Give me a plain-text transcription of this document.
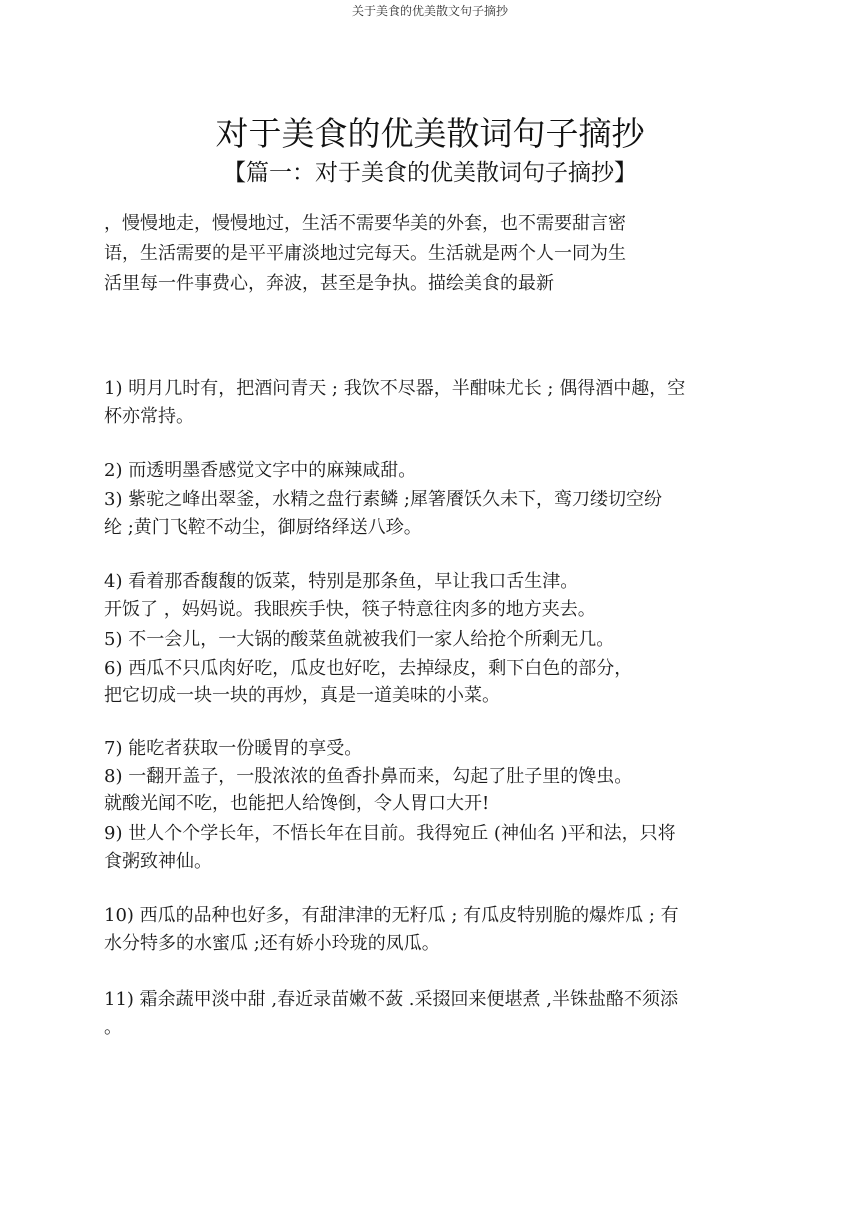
关于美食的优美散文句子摘抄
对于美食的优美散词句子摘抄
【篇一：对于美食的优美散词句子摘抄】
，慢慢地走，慢慢地过，生活不需要华美的外套，也不需要甜言密
语，生活需要的是平平庸淡地过完每天。生活就是两个人一同为生
活里每一件事费心，奔波，甚至是争执。描绘美食的最新
1) 明月几时有，把酒问青天 ; 我饮不尽器，半酣味尤长 ; 偶得酒中趣，空
杯亦常持。
2) 而透明墨香感觉文字中的麻辣咸甜。
3) 紫驼之峰出翠釜，水精之盘行素鳞 ;犀箸餍饫久未下，鸾刀缕切空纷
纶 ;黄门飞鞚不动尘，御厨络绎送八珍。
4) 看着那香馥馥的饭菜，特别是那条鱼，早让我口舌生津。
开饭了 ，妈妈说。我眼疾手快，筷子特意往肉多的地方夹去。
5) 不一会儿，一大锅的酸菜鱼就被我们一家人给抢个所剩无几。
6) 西瓜不只瓜肉好吃，瓜皮也好吃，去掉绿皮，剩下白色的部分，
把它切成一块一块的再炒，真是一道美味的小菜。
7) 能吃者获取一份暖胃的享受。
8) 一翻开盖子，一股浓浓的鱼香扑鼻而来，勾起了肚子里的馋虫。
就酸光闻不吃，也能把人给馋倒，令人胃口大开!
9) 世人个个学长年，不悟长年在目前。我得宛丘 (神仙名 )平和法，只将
食粥致神仙。
10) 西瓜的品种也好多，有甜津津的无籽瓜 ; 有瓜皮特别脆的爆炸瓜 ; 有
水分特多的水蜜瓜 ;还有娇小玲珑的凤瓜。
11) 霜余蔬甲淡中甜 ,春近录苗嫩不蔹 .采掇回来便堪煮 ,半铢盐酪不须添
。
